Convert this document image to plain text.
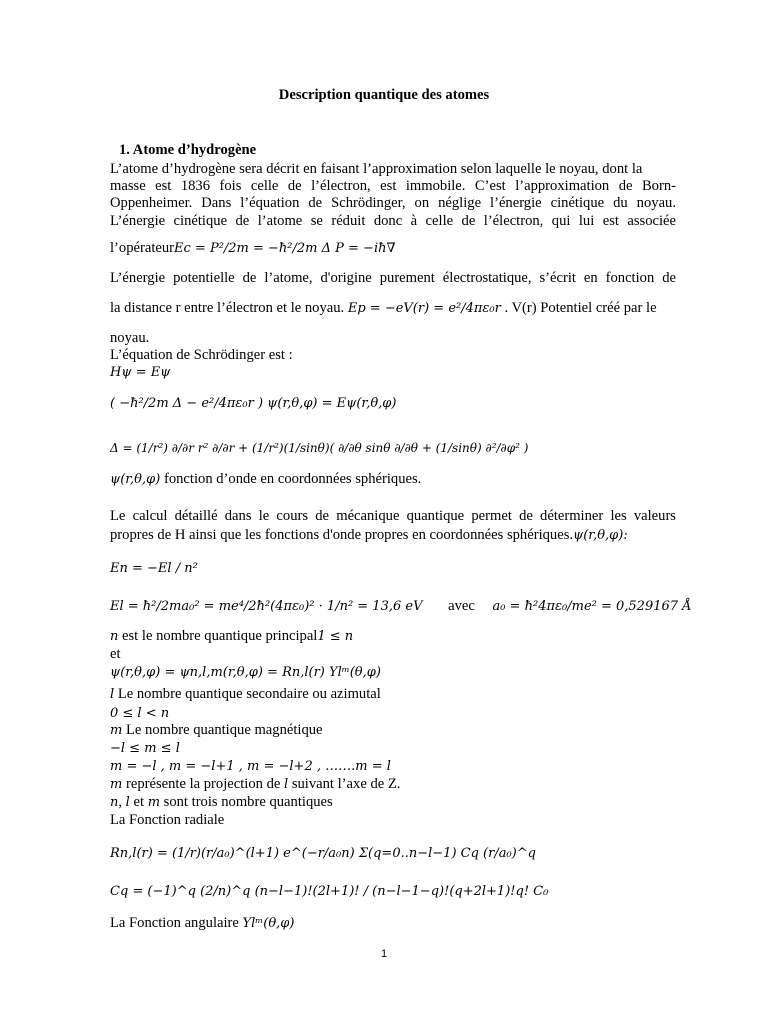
Description quantique des atomes
1. Atome d’hydrogène
L’atome d’hydrogène sera décrit en faisant l’approximation selon laquelle le noyau, dont la
masse est 1836 fois celle de l’électron, est immobile. C’est l’approximation de Born-
Oppenheimer. Dans l’équation de Schrödinger, on néglige l’énergie cinétique du noyau.
L’énergie cinétique de l’atome se réduit donc à celle de l’électron, qui lui est associée
l’opérateurEc = P²/2m = −ħ²/2m Δ P = −iħ∇
L’énergie potentielle de l’atome, d'origine purement électrostatique, s’écrit en fonction de
la distance r entre l’électron et le noyau. Ep = −eV(r) = e²/4πε₀r . V(r) Potentiel créé par le
noyau.
L’équation de Schrödinger est :
Hψ = Eψ
( −ħ²/2m Δ − e²/4πε₀r ) ψ(r,θ,φ) = Eψ(r,θ,φ)
Δ = (1/r²) ∂/∂r r² ∂/∂r + (1/r²)(1/sinθ)( ∂/∂θ sinθ ∂/∂θ + (1/sinθ) ∂²/∂φ² )
ψ(r,θ,φ) fonction d’onde en coordonnées sphériques.
Le calcul détaillé dans le cours de mécanique quantique permet de déterminer les valeurs
propres de H ainsi que les fonctions d'onde propres en coordonnées sphériques.ψ(r,θ,φ):
En = −El / n²
El = ħ²/2ma₀² = me⁴/2ħ²(4πε₀)² · 1/n² = 13,6 eV avec a₀ = ħ²4πε₀/me² = 0,529167 Å
n est le nombre quantique principal1 ≤ n
et
ψ(r,θ,φ) = ψn,l,m(r,θ,φ) = Rn,l(r) Ylᵐ(θ,φ)
l Le nombre quantique secondaire ou azimutal
0 ≤ l < n
m Le nombre quantique magnétique
−l ≤ m ≤ l
m = −l , m = −l+1 , m = −l+2 , …….m = l
m représente la projection de l suivant l’axe de Z.
n, l et m sont trois nombre quantiques
La Fonction radiale
Rn,l(r) = (1/r)(r/a₀)^(l+1) e^(−r/a₀n) Σ(q=0..n−l−1) Cq (r/a₀)^q
Cq = (−1)^q (2/n)^q (n−l−1)!(2l+1)! / (n−l−1−q)!(q+2l+1)!q! C₀
La Fonction angulaire Ylᵐ(θ,φ)
1
